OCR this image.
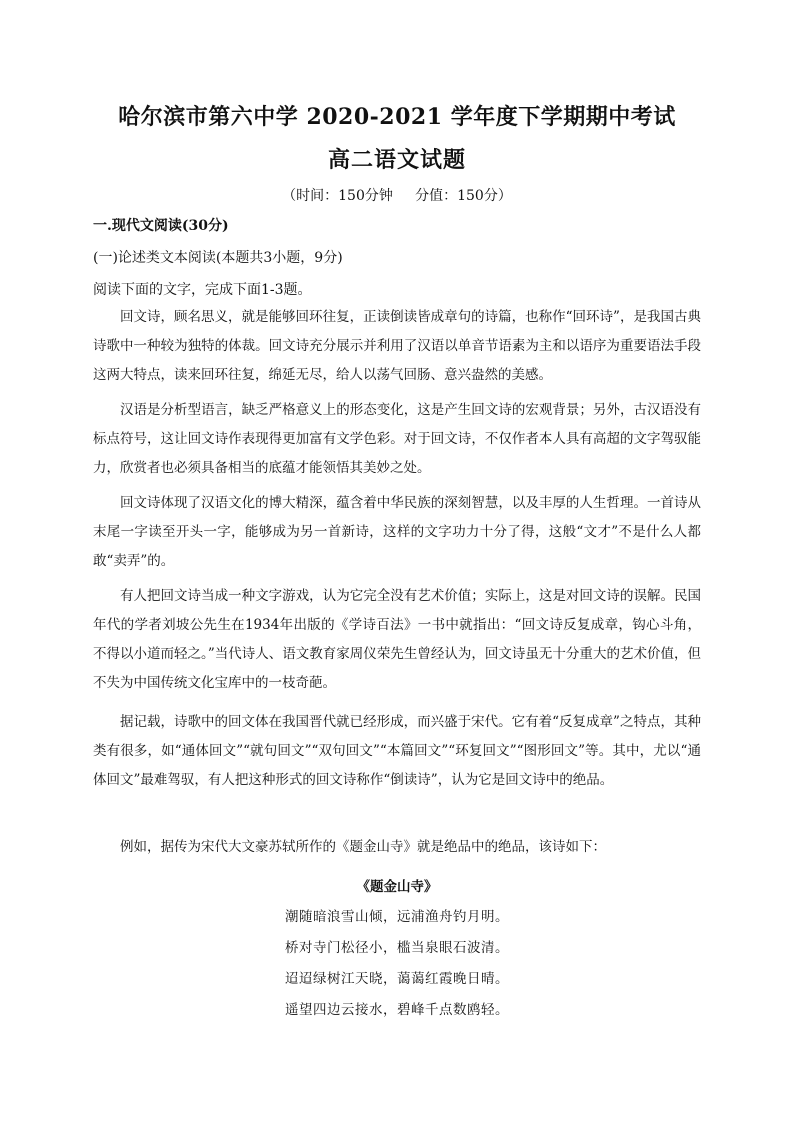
哈尔滨市第六中学 2020-2021 学年度下学期期中考试
高二语文试题
（时间：150分钟     分值：150分）
一.现代文阅读(30分)
(一)论述类文本阅读(本题共3小题，9分)
阅读下面的文字，完成下面1-3题。

回文诗，顾名思义，就是能够回环往复，正读倒读皆成章句的诗篇，也称作“回环诗”，是我国古典诗歌中一种较为独特的体裁。回文诗充分展示并利用了汉语以单音节语素为主和以语序为重要语法手段这两大特点，读来回环往复，绵延无尽，给人以荡气回肠、意兴盎然的美感。

汉语是分析型语言，缺乏严格意义上的形态变化，这是产生回文诗的宏观背景；另外，古汉语没有标点符号，这让回文诗作表现得更加富有文学色彩。对于回文诗，不仅作者本人具有高超的文字驾驭能力，欣赏者也必须具备相当的底蕴才能领悟其美妙之处。

回文诗体现了汉语文化的博大精深，蕴含着中华民族的深刻智慧，以及丰厚的人生哲理。一首诗从末尾一字读至开头一字，能够成为另一首新诗，这样的文字功力十分了得，这般“文才”不是什么人都敢“卖弄”的。

有人把回文诗当成一种文字游戏，认为它完全没有艺术价值；实际上，这是对回文诗的误解。民国年代的学者刘坡公先生在1934年出版的《学诗百法》一书中就指出：“回文诗反复成章，钩心斗角，不得以小道而轻之。”当代诗人、语文教育家周仪荣先生曾经认为，回文诗虽无十分重大的艺术价值，但不失为中国传统文化宝库中的一枝奇葩。

据记载，诗歌中的回文体在我国晋代就已经形成，而兴盛于宋代。它有着“反复成章”之特点，其种类有很多，如“通体回文”“就句回文”“双句回文”“本篇回文”“环复回文”“图形回文”等。其中，尤以“通体回文”最难驾驭，有人把这种形式的回文诗称作“倒读诗”，认为它是回文诗中的绝品。

例如，据传为宋代大文豪苏轼所作的《题金山寺》就是绝品中的绝品，该诗如下：

《题金山寺》
潮随暗浪雪山倾，远浦渔舟钓月明。
桥对寺门松径小，槛当泉眼石波清。
迢迢绿树江天晓，蔼蔼红霞晚日晴。
遥望四边云接水，碧峰千点数鸥轻。
